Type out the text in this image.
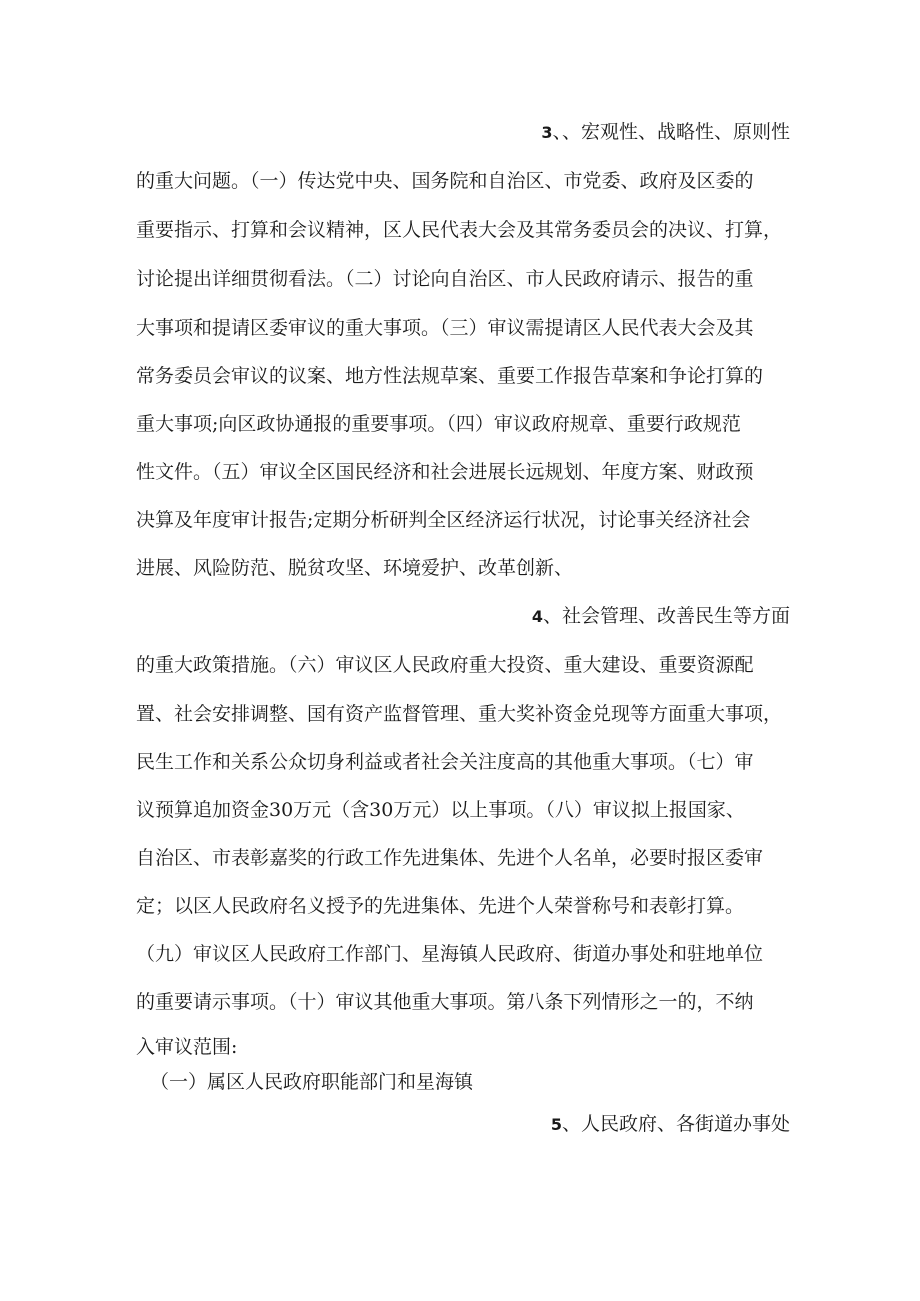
3、、宏观性、战略性、原则性
的重大问题。（一）传达党中央、国务院和自治区、市党委、政府及区委的
重要指示、打算和会议精神，区人民代表大会及其常务委员会的决议、打算，
讨论提出详细贯彻看法。（二）讨论向自治区、市人民政府请示、报告的重
大事项和提请区委审议的重大事项。（三）审议需提请区人民代表大会及其
常务委员会审议的议案、地方性法规草案、重要工作报告草案和争论打算的
重大事项;向区政协通报的重要事项。（四）审议政府规章、重要行政规范
性文件。（五）审议全区国民经济和社会进展长远规划、年度方案、财政预
决算及年度审计报告;定期分析研判全区经济运行状况，讨论事关经济社会
进展、风险防范、脱贫攻坚、环境爱护、改革创新、
4、社会管理、改善民生等方面
的重大政策措施。（六）审议区人民政府重大投资、重大建设、重要资源配
置、社会安排调整、国有资产监督管理、重大奖补资金兑现等方面重大事项，
民生工作和关系公众切身利益或者社会关注度高的其他重大事项。（七）审
议预算追加资金30万元（含30万元）以上事项。（八）审议拟上报国家、
自治区、市表彰嘉奖的行政工作先进集体、先进个人名单，必要时报区委审
定；以区人民政府名义授予的先进集体、先进个人荣誉称号和表彰打算。
（九）审议区人民政府工作部门、星海镇人民政府、街道办事处和驻地单位
的重要请示事项。（十）审议其他重大事项。第八条下列情形之一的，不纳
入审议范围:
（一）属区人民政府职能部门和星海镇
5、人民政府、各街道办事处
